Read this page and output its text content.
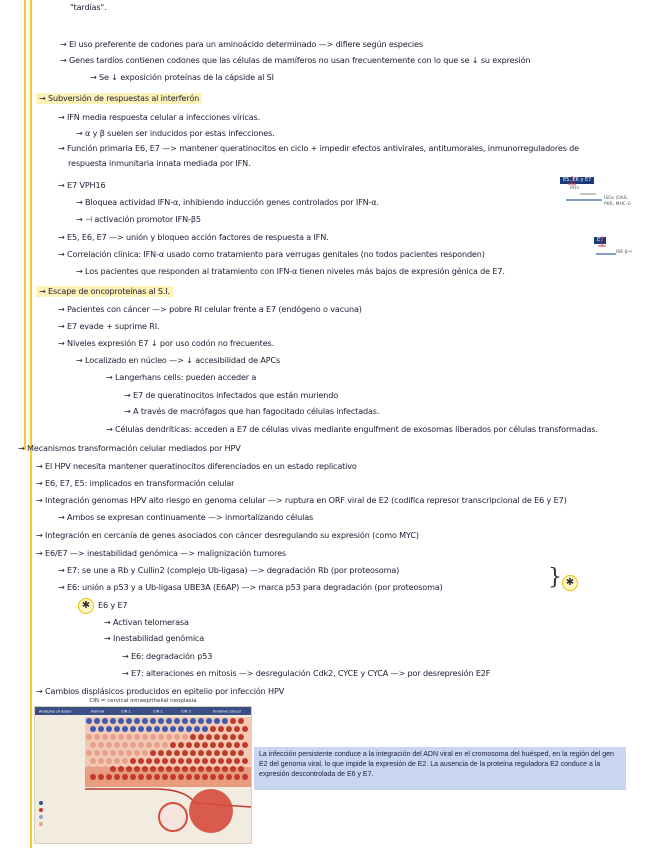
"tardías".
→ El uso preferente de codones para un aminoácido determinado —> difiere según especies
→ Genes tardíos contienen codones que las células de mamíferos no usan frecuentemente con lo que se ↓ su expresión
→ Se ↓ exposición proteínas de la cápside al SI
→ Subversión de respuestas al interferón
→ IFN media respuesta celular a infecciones víricas.
→ α y β suelen ser inducidos por estas infecciones.
→ Función primaria E6, E7 —> mantener queratinocitos en ciclo + impedir efectos antivirales, antitumorales, inmunorreguladores de
respuesta inmunitaria innata mediada por IFN.
→ E7 VPH16
→ Bloquea actividad IFN-α, inhibiendo inducción genes controlados por IFN-α.
→ ⊣ activación promotor IFN-β5
→ E5, E6, E7 —> unión y bloqueo acción factores de respuesta a IFN.
→ Correlación clínica: IFN-α usado como tratamiento para verrugas genitales (no todos pacientes responden)
→ Los pacientes que responden al tratamiento con IFN-α tienen niveles más bajos de expresión génica de E7.
→ Escape de oncoproteínas al S.I.
→ Pacientes con cáncer —> pobre RI celular frente a E7 (endógeno o vacuna)
→ E7 evade + suprime RI.
→ Niveles expresión E7 ↓ por uso codón no frecuentes.
→ Localizado en núcleo —> ↓ accesibilidad de APCs
→ Langerhans cells: pueden acceder a
→ E7 de queratinocitos infectados que están muriendo
→ A través de macrófagos que han fagocitado células infectadas.
→ Células dendríticas: acceden a E7 de células vivas mediante engulfment de exosomas liberados por células transformadas.
→ Mecanismos transformación celular mediados por HPV
→ El HPV necesita mantener queratinocitos diferenciados en un estado replicativo
→ E6, E7, E5: implicados en transformación celular
→ Integración genomas HPV alto riesgo en genoma celular —> ruptura en ORF viral de E2 (codifica represor transcripcional de E6 y E7)
→ Ambos se expresan continuamente —> inmortalizando células
→ Integración en cercanía de genes asociados con cáncer desregulando su expresión (como MYC)
→ E6/E7 —> inestabilidad genómica —> malignización tumores
→ E7: se une a Rb y Cullin2 (complejo Ub-ligasa) —> degradación Rb (por proteosoma)
→ E6: unión a p53 y a Ub-ligasa UBE3A (E6AP) —> marca p53 para degradación (por proteosoma)
E6 y E7
→ Activan telomerasa
→ Inestabilidad genómica
→ E6: degradación p53
→ E7: alteraciones en mitosis —> desregulación Cdk2, CYCE y CYCA —> por desrepresión E2F
→ Cambios displásicos producidos en epitelio por infección HPV
} ✱
✱
E5, E6 y E7
IRFs
ISGs (OAS, PKR, MHC-I)
E7
INF-β⊣
CIN = cervical intraepithelial neoplasia
Anatomy of lesion	Normal	CIN 1	CIN 2	CIN 3	Invasive cancer
La infección persistente conduce a la integración del ADN viral en el cromosoma del huésped, en la región del gen E2 del genoma viral, lo que impide la expresión de E2. La ausencia de la proteína reguladora E2 conduce a la expresión descontrolada de E6 y E7.
